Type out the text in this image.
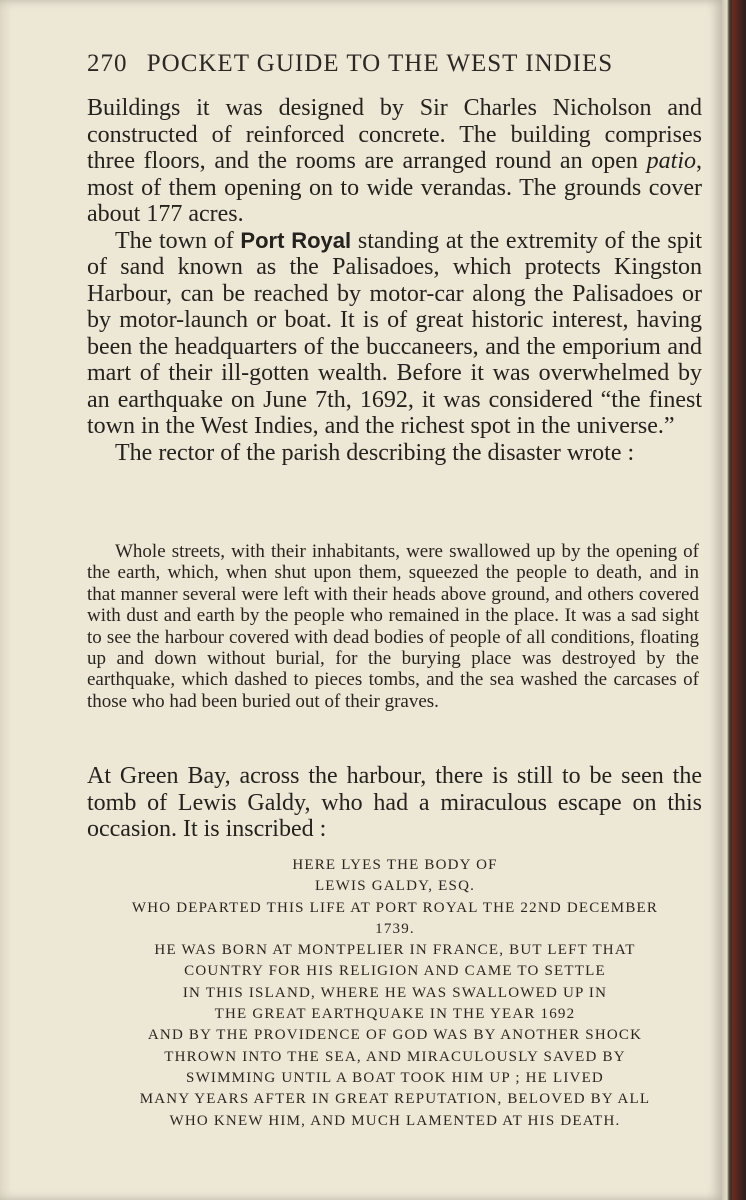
270 POCKET GUIDE TO THE WEST INDIES

Buildings it was designed by Sir Charles Nicholson and constructed of reinforced concrete. The building comprises three floors, and the rooms are arranged round an open patio, most of them opening on to wide verandas. The grounds cover about 177 acres.

The town of Port Royal standing at the extremity of the spit of sand known as the Palisadoes, which protects Kingston Harbour, can be reached by motor-car along the Palisadoes or by motor-launch or boat. It is of great historic interest, having been the headquarters of the buccaneers, and the emporium and mart of their ill-gotten wealth. Before it was overwhelmed by an earthquake on June 7th, 1692, it was considered “the finest town in the West Indies, and the richest spot in the universe.”

The rector of the parish describing the disaster wrote :

Whole streets, with their inhabitants, were swallowed up by the opening of the earth, which, when shut upon them, squeezed the people to death, and in that manner several were left with their heads above ground, and others covered with dust and earth by the people who remained in the place. It was a sad sight to see the harbour covered with dead bodies of people of all conditions, floating up and down without burial, for the burying place was destroyed by the earthquake, which dashed to pieces tombs, and the sea washed the carcases of those who had been buried out of their graves.

At Green Bay, across the harbour, there is still to be seen the tomb of Lewis Galdy, who had a miraculous escape on this occasion. It is inscribed :

HERE LYES THE BODY OF
LEWIS GALDY, ESQ.
WHO DEPARTED THIS LIFE AT PORT ROYAL THE 22ND DECEMBER
1739.
HE WAS BORN AT MONTPELIER IN FRANCE, BUT LEFT THAT
COUNTRY FOR HIS RELIGION AND CAME TO SETTLE
IN THIS ISLAND, WHERE HE WAS SWALLOWED UP IN
THE GREAT EARTHQUAKE IN THE YEAR 1692
AND BY THE PROVIDENCE OF GOD WAS BY ANOTHER SHOCK
THROWN INTO THE SEA, AND MIRACULOUSLY SAVED BY
SWIMMING UNTIL A BOAT TOOK HIM UP ; HE LIVED
MANY YEARS AFTER IN GREAT REPUTATION, BELOVED BY ALL
WHO KNEW HIM, AND MUCH LAMENTED AT HIS DEATH.
